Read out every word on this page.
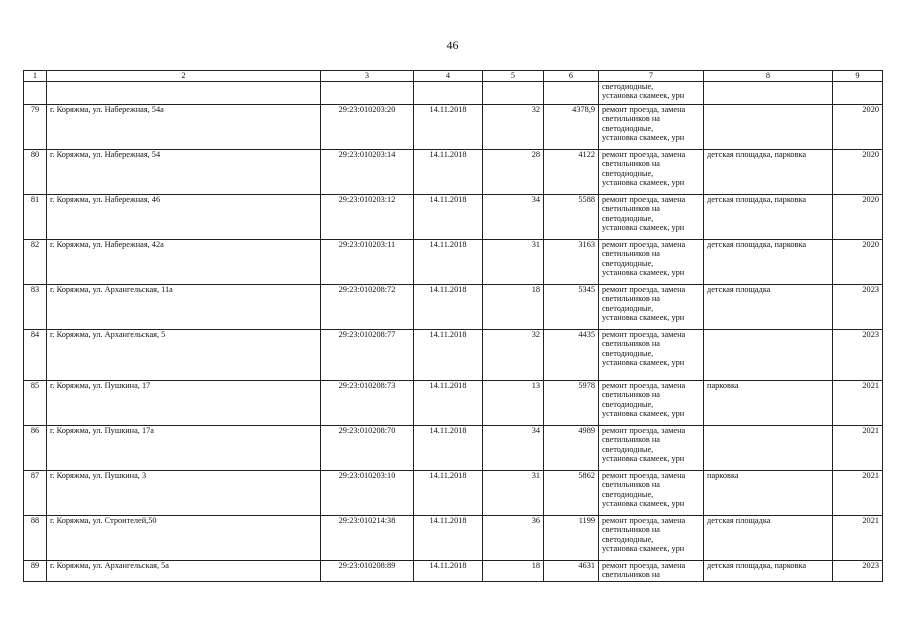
46
1	2	3	4	5	6	7	8	9

						светодиодные,
установка скамеек, урн		

79	г. Коряжма, ул. Набережная, 54а	29:23:010203:20	14.11.2018	32	4378,9	ремонт проезда, замена
светильников на
светодиодные,
установка скамеек, урн		2020
80	г. Коряжма, ул. Набережная, 54	29:23:010203:14	14.11.2018	28	4122	ремонт проезда, замена
светильников на
светодиодные,
установка скамеек, урн	детская площадка, парковка	2020
81	г. Коряжма, ул. Набережная, 46	29:23:010203:12	14.11.2018	34	5588	ремонт проезда, замена
светильников на
светодиодные,
установка скамеек, урн	детская площадка, парковка	2020
82	г. Коряжма, ул. Набережная, 42а	29:23:010203:11	14.11.2018	31	3163	ремонт проезда, замена
светильников на
светодиодные,
установка скамеек, урн	детская площадка, парковка	2020
83	г. Коряжма, ул. Архангельская, 11а	29:23:010208:72	14.11.2018	18	5345	ремонт проезда, замена
светильников на
светодиодные,
установка скамеек, урн	детская площадка	2023
84	г. Коряжма, ул. Архангельская, 5	29:23:010208:77	14.11.2018	32	4435	ремонт проезда, замена
светильников на
светодиодные,
установка скамеек, урн		2023
85	г. Коряжма, ул. Пушкина, 17	29:23:010208:73	14.11.2018	13	5978	ремонт проезда, замена
светильников на
светодиодные,
установка скамеек, урн	парковка	2021
86	г. Коряжма, ул. Пушкина, 17а	29:23:010208:70	14.11.2018	34	4989	ремонт проезда, замена
светильников на
светодиодные,
установка скамеек, урн		2021
87	г. Коряжма, ул. Пушкина, 3	29:23:010203:10	14.11.2018	31	5862	ремонт проезда, замена
светильников на
светодиодные,
установка скамеек, урн	парковка	2021
88	г. Коряжма, ул. Строителей,50	29:23:010214:38	14.11.2018	36	1199	ремонт проезда, замена
светильников на
светодиодные,
установка скамеек, урн	детская площадка	2021
89	г. Коряжма, ул. Архангельская, 5а	29:23:010208:89	14.11.2018	18	4631	ремонт проезда, замена
светильников на	детская площадка, парковка	2023
